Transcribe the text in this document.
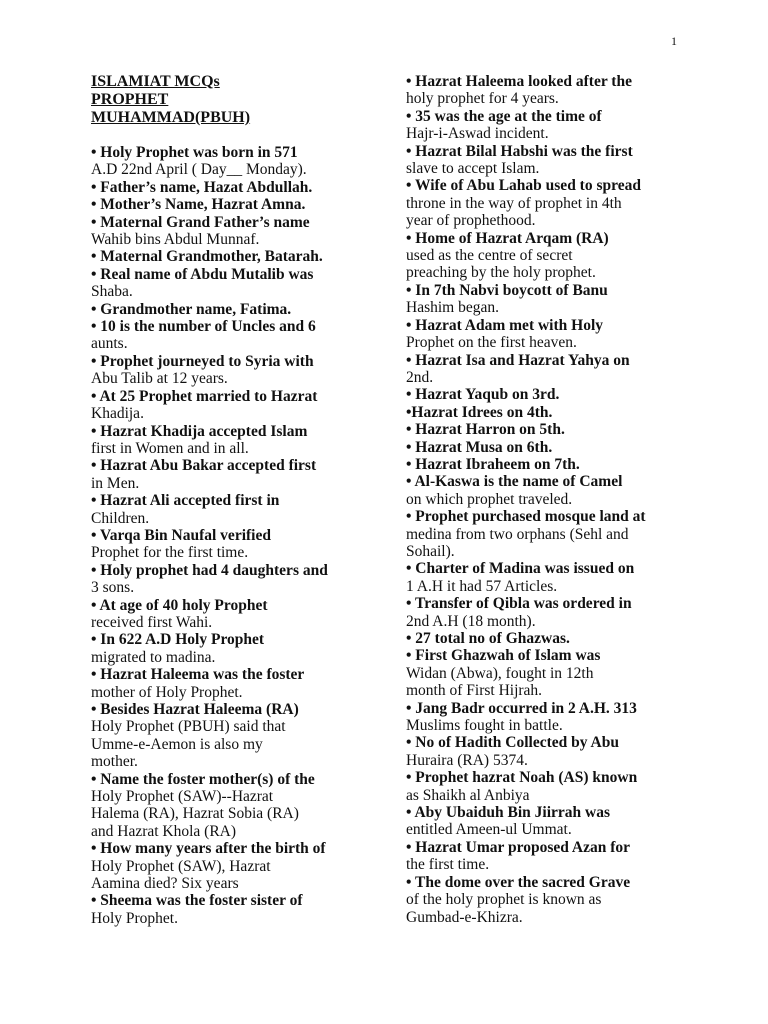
1

ISLAMIAT MCQs

PROPHET

MUHAMMAD(PBUH)

• Holy Prophet was born in 571
A.D 22nd April ( Day__ Monday).

• Father’s name, Hazat Abdullah.

• Mother’s Name, Hazrat Amna.

• Maternal Grand Father’s name
Wahib bins Abdul Munnaf.

• Maternal Grandmother, Batarah.

• Real name of Abdu Mutalib was
Shaba.

• Grandmother name, Fatima.

• 10 is the number of Uncles and 6
aunts.

• Prophet journeyed to Syria with
Abu Talib at 12 years.

• At 25 Prophet married to Hazrat
Khadija.

• Hazrat Khadija accepted Islam
first in Women and in all.

• Hazrat Abu Bakar accepted first
in Men.

• Hazrat Ali accepted first in
Children.

• Varqa Bin Naufal verified
Prophet for the first time.

• Holy prophet had 4 daughters and
3 sons.

• At age of 40 holy Prophet
received first Wahi.

• In 622 A.D Holy Prophet
migrated to madina.

• Hazrat Haleema was the foster
mother of Holy Prophet.

• Besides Hazrat Haleema (RA)
Holy Prophet (PBUH) said that
Umme-e-Aemon is also my
mother.

• Name the foster mother(s) of the
Holy Prophet (SAW)--Hazrat
Halema (RA), Hazrat Sobia (RA)
and Hazrat Khola (RA)

• How many years after the birth of
Holy Prophet (SAW), Hazrat
Aamina died? Six years

• Sheema was the foster sister of
Holy Prophet.

• Hazrat Haleema looked after the
holy prophet for 4 years.

• 35 was the age at the time of
Hajr-i-Aswad incident.

• Hazrat Bilal Habshi was the first
slave to accept Islam.

• Wife of Abu Lahab used to spread
throne in the way of prophet in 4th
year of prophethood.

• Home of Hazrat Arqam (RA)
used as the centre of secret
preaching by the holy prophet.

• In 7th Nabvi boycott of Banu
Hashim began.

• Hazrat Adam met with Holy
Prophet on the first heaven.

• Hazrat Isa and Hazrat Yahya on
2nd.

• Hazrat Yaqub on 3rd.

•Hazrat Idrees on 4th.

• Hazrat Harron on 5th.

• Hazrat Musa on 6th.

• Hazrat Ibraheem on 7th.

• Al-Kaswa is the name of Camel
on which prophet traveled.

• Prophet purchased mosque land at
medina from two orphans (Sehl and
Sohail).

• Charter of Madina was issued on
1 A.H it had 57 Articles.

• Transfer of Qibla was ordered in
2nd A.H (18 month).

• 27 total no of Ghazwas.

• First Ghazwah of Islam was
Widan (Abwa), fought in 12th
month of First Hijrah.

• Jang Badr occurred in 2 A.H. 313
Muslims fought in battle.

• No of Hadith Collected by Abu
Huraira (RA) 5374.

• Prophet hazrat Noah (AS) known
as Shaikh al Anbiya

• Aby Ubaiduh Bin Jiirrah was
entitled Ameen-ul Ummat.

• Hazrat Umar proposed Azan for
the first time.

• The dome over the sacred Grave
of the holy prophet is known as
Gumbad-e-Khizra.
